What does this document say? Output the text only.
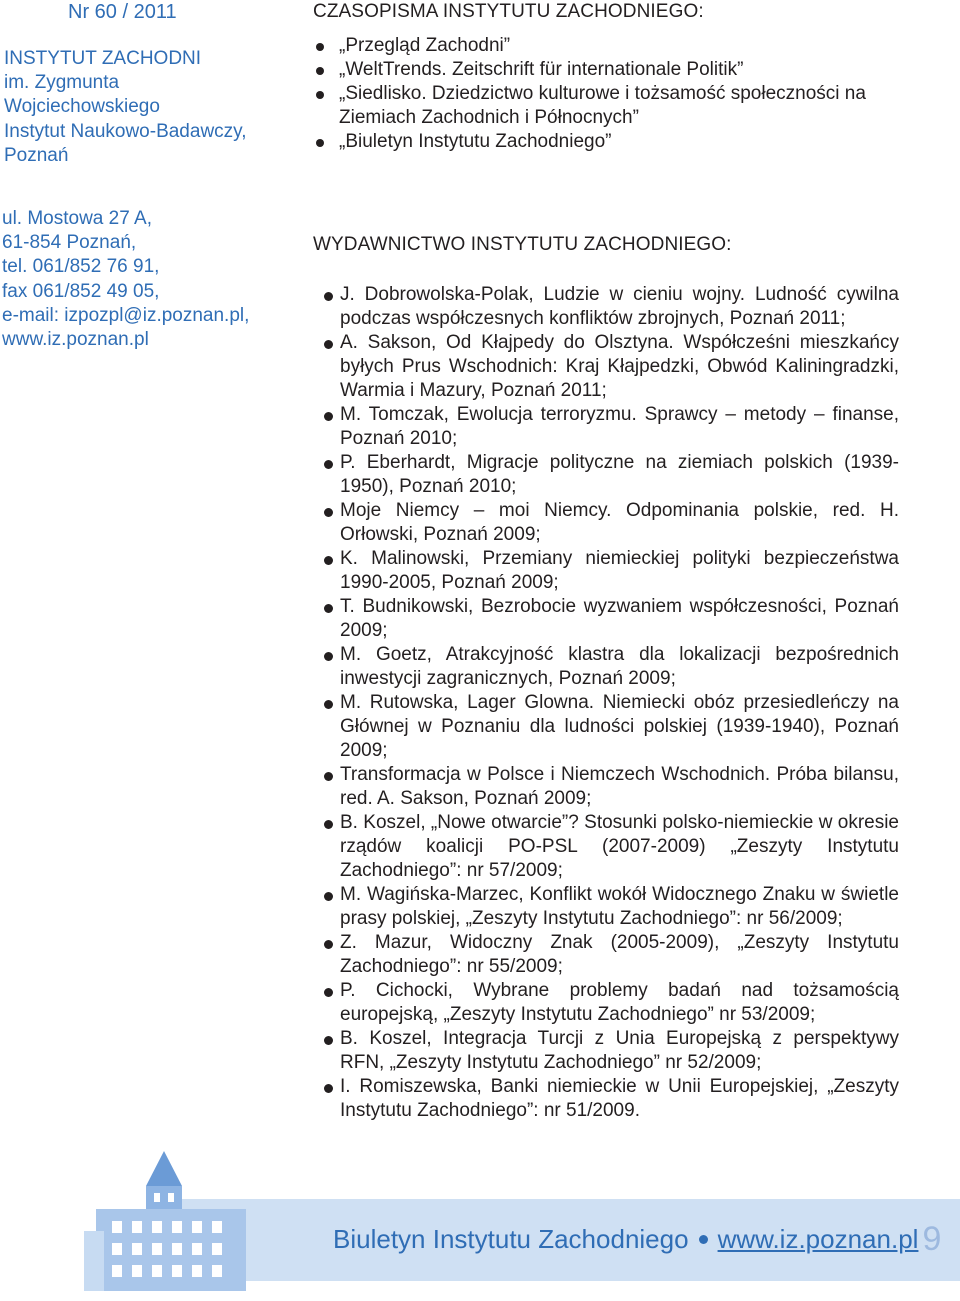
Nr 60 / 2011
INSTYTUT ZACHODNI
im. Zygmunta
Wojciechowskiego
Instytut Naukowo-Badawczy,
Poznań
ul. Mostowa 27 A,
61-854 Poznań,
tel. 061/852 76 91,
fax 061/852 49 05,
e-mail: izpozpl@iz.poznan.pl,
www.iz.poznan.pl
CZASOPISMA INSTYTUTU ZACHODNIEGO:
„Przegląd Zachodni”
„WeltTrends. Zeitschrift für internationale Politik”
„Siedlisko. Dziedzictwo kulturowe i tożsamość społeczności na Ziemiach Zachodnich i Północnych”
„Biuletyn Instytutu Zachodniego”
WYDAWNICTWO INSTYTUTU ZACHODNIEGO:
J. Dobrowolska-Polak, Ludzie w cieniu wojny. Ludność cywilna podczas współczesnych konfliktów zbrojnych, Poznań 2011;
A. Sakson, Od Kłajpedy do Olsztyna. Współcześni mieszkańcy byłych Prus Wschodnich: Kraj Kłajpedzki, Obwód Kaliningradzki, Warmia i Mazury, Poznań 2011;
M. Tomczak, Ewolucja terroryzmu. Sprawcy – metody – finanse, Poznań 2010;
P. Eberhardt, Migracje polityczne na ziemiach polskich (1939-1950), Poznań 2010;
Moje Niemcy – moi Niemcy. Odpominania polskie, red. H. Orłowski, Poznań 2009;
K. Malinowski, Przemiany niemieckiej polityki bezpieczeństwa 1990-2005, Poznań 2009;
T. Budnikowski, Bezrobocie wyzwaniem współczesności, Poznań 2009;
M. Goetz, Atrakcyjność klastra dla lokalizacji bezpośrednich inwestycji zagranicznych, Poznań 2009;
M. Rutowska, Lager Glowna. Niemiecki obóz przesiedleńczy na Głównej w Poznaniu dla ludności polskiej (1939-1940), Poznań 2009;
Transformacja w Polsce i Niemczech Wschodnich. Próba bilansu, red. A. Sakson, Poznań 2009;
B. Koszel, „Nowe otwarcie”? Stosunki polsko-niemieckie w okresie rządów koalicji PO-PSL (2007-2009) „Zeszyty Instytutu Zachodniego”: nr 57/2009;
M. Wagińska-Marzec, Konflikt wokół Widocznego Znaku w świetle prasy polskiej, „Zeszyty Instytutu Zachodniego”: nr 56/2009;
Z. Mazur, Widoczny Znak (2005-2009), „Zeszyty Instytutu Zachodniego”: nr 55/2009;
P. Cichocki, Wybrane problemy badań nad tożsamością europejską, „Zeszyty Instytutu Zachodniego” nr 53/2009;
B. Koszel, Integracja Turcji z Unia Europejską z perspektywy RFN, „Zeszyty Instytutu Zachodniego” nr 52/2009;
I. Romiszewska, Banki niemieckie w Unii Europejskiej, „Zeszyty Instytutu Zachodniego”: nr 51/2009.
Biuletyn Instytutu Zachodniego www.iz.poznan.pl 9
